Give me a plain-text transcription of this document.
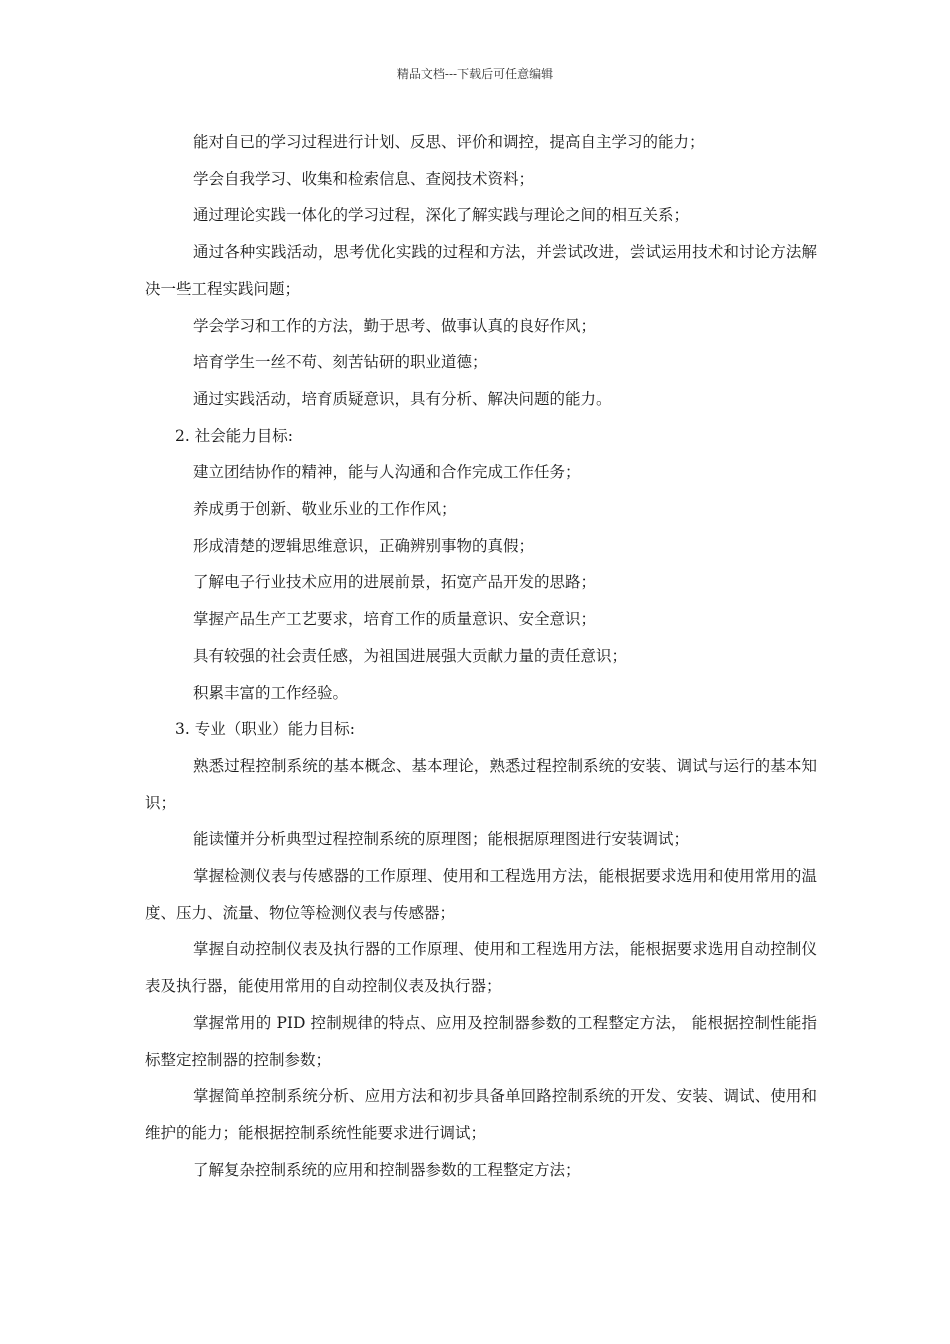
精品文档---下载后可任意编辑

能对自已的学习过程进行计划、反思、评价和调控，提高自主学习的能力；

学会自我学习、收集和检索信息、查阅技术资料；

通过理论实践一体化的学习过程，深化了解实践与理论之间的相互关系；

通过各种实践活动，思考优化实践的过程和方法，并尝试改进，尝试运用技术和讨论方法解决一些工程实践问题；

学会学习和工作的方法，勤于思考、做事认真的良好作风；

培育学生一丝不苟、刻苦钻研的职业道德；

通过实践活动，培育质疑意识，具有分析、解决问题的能力。

2. 社会能力目标:

建立团结协作的精神，能与人沟通和合作完成工作任务；

养成勇于创新、敬业乐业的工作作风；

形成清楚的逻辑思维意识，正确辨别事物的真假；

了解电子行业技术应用的进展前景，拓宽产品开发的思路；

掌握产品生产工艺要求，培育工作的质量意识、安全意识；

具有较强的社会责任感，为祖国进展强大贡献力量的责任意识；

积累丰富的工作经验。

3. 专业（职业）能力目标:

熟悉过程控制系统的基本概念、基本理论，熟悉过程控制系统的安装、调试与运行的基本知识；

能读懂并分析典型过程控制系统的原理图；能根据原理图进行安装调试；

掌握检测仪表与传感器的工作原理、使用和工程选用方法，能根据要求选用和使用常用的温度、压力、流量、物位等检测仪表与传感器；

掌握自动控制仪表及执行器的工作原理、使用和工程选用方法，能根据要求选用自动控制仪表及执行器，能使用常用的自动控制仪表及执行器；

掌握常用的 PID 控制规律的特点、应用及控制器参数的工程整定方法， 能根据控制性能指标整定控制器的控制参数；

掌握简单控制系统分析、应用方法和初步具备单回路控制系统的开发、安装、调试、使用和维护的能力；能根据控制系统性能要求进行调试；

了解复杂控制系统的应用和控制器参数的工程整定方法；
